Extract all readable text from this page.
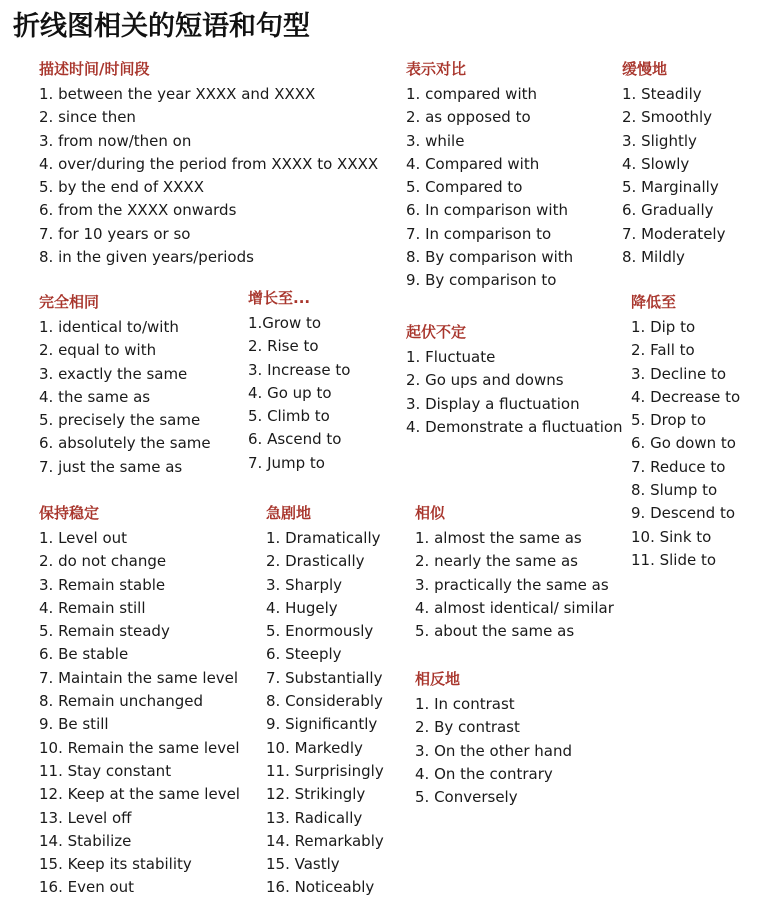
折线图相关的短语和句型
描述时间/时间段
1. between the year XXXX and XXXX
2. since then
3. from now/then on
4. over/during the period from XXXX to XXXX
5. by the end of XXXX
6. from the XXXX onwards
7. for 10 years or so
8. in the given years/periods
表示对比
1. compared with
2. as opposed to
3. while
4. Compared with
5. Compared to
6. In comparison with
7. In comparison to
8. By comparison with
9. By comparison to
缓慢地
1. Steadily
2. Smoothly
3. Slightly
4. Slowly
5. Marginally
6. Gradually
7. Moderately
8. Mildly
完全相同
1. identical to/with
2. equal to with
3. exactly the same
4. the same as
5. precisely the same
6. absolutely the same
7. just the same as
增长至...
1.Grow to
2. Rise to
3. Increase to
4. Go up to
5. Climb to
6. Ascend to
7. Jump to
起伏不定
1. Fluctuate
2. Go ups and downs
3. Display a fluctuation
4. Demonstrate a fluctuation
降低至
1. Dip to
2. Fall to
3. Decline to
4. Decrease to
5. Drop to
6. Go down to
7. Reduce to
8. Slump to
9. Descend to
10. Sink to
11. Slide to
保持稳定
1. Level out
2. do not change
3. Remain stable
4. Remain still
5. Remain steady
6. Be stable
7. Maintain the same level
8. Remain unchanged
9. Be still
10. Remain the same level
11. Stay constant
12. Keep at the same level
13. Level off
14. Stabilize
15. Keep its stability
16. Even out
急剧地
1. Dramatically
2. Drastically
3. Sharply
4. Hugely
5. Enormously
6. Steeply
7. Substantially
8. Considerably
9. Significantly
10. Markedly
11. Surprisingly
12. Strikingly
13. Radically
14. Remarkably
15. Vastly
16. Noticeably
相似
1. almost the same as
2. nearly the same as
3. practically the same as
4. almost identical/ similar
5. about the same as
相反地
1. In contrast
2. By contrast
3. On the other hand
4. On the contrary
5. Conversely
